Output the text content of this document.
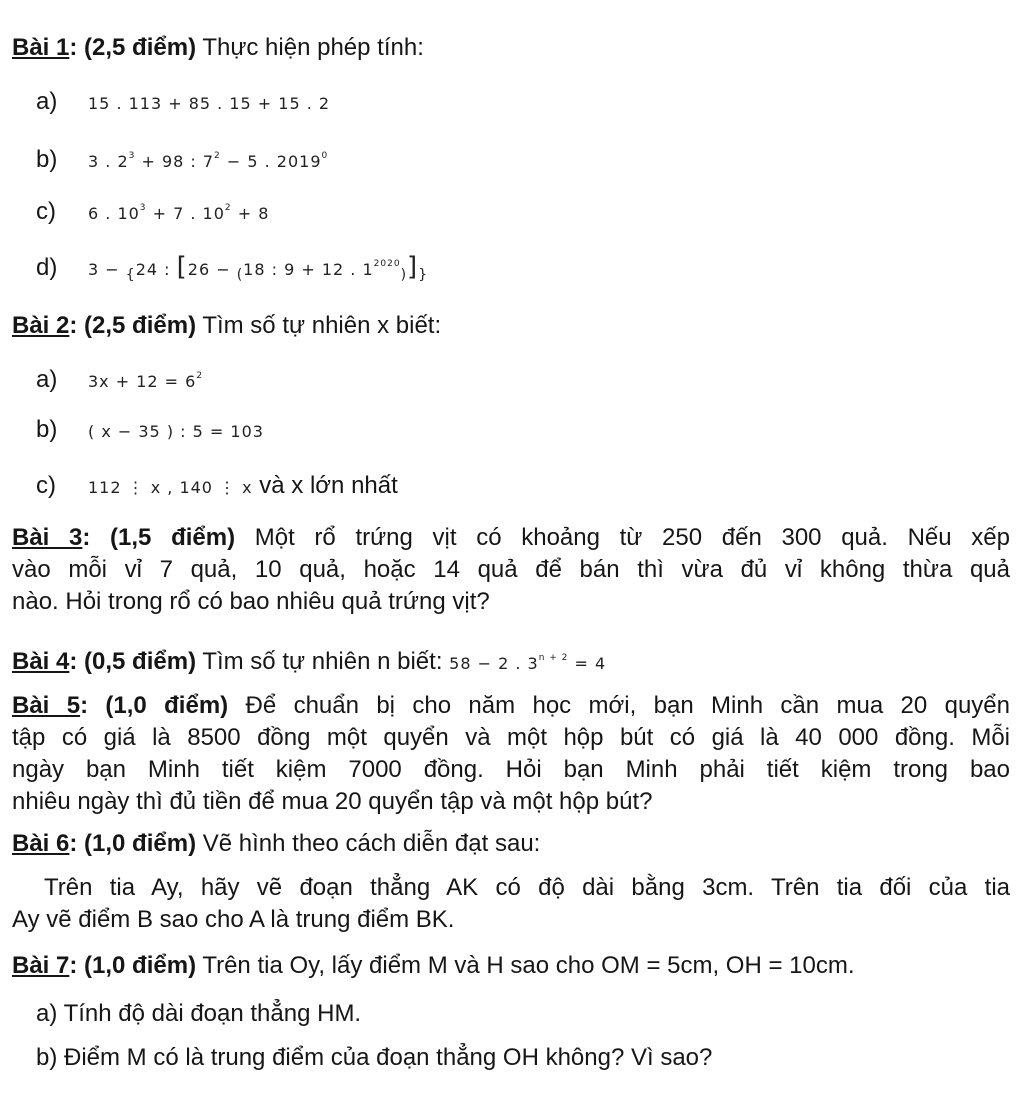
Bài 1: (2,5 điểm) Thực hiện phép tính:
a) 15 . 113 + 85 . 15 + 15 . 2
b) 3 . $2^3 + 98$ : $7^2 - 5$ . 2019$^0$
c) 6 . $10^3 + 7$ . $10^2 + 8$
d) 3 − {24 : [26 − (18 : 9 + 12 . $1^{2020}$)]}
Bài 2: (2,5 điểm) Tìm số tự nhiên x biết:
a) $3x + 12 = 6^2$
b) ( x − 35 ) : 5 = 103
c) 112 ⋮ x , 140 ⋮ x và x lớn nhất
Bài 3: (1,5 điểm) Một rổ trứng vịt có khoảng từ 250 đến 300 quả. Nếu xếp
vào mỗi vỉ 7 quả, 10 quả, hoặc 14 quả để bán thì vừa đủ vỉ không thừa quả
nào. Hỏi trong rổ có bao nhiêu quả trứng vịt?
Bài 4: (0,5 điểm) Tìm số tự nhiên n biết: 58 − 2 . $3^{n + 2} = 4$
Bài 5: (1,0 điểm) Để chuẩn bị cho năm học mới, bạn Minh cần mua 20 quyển
tập có giá là 8500 đồng một quyển và một hộp bút có giá là 40 000 đồng. Mỗi
ngày bạn Minh tiết kiệm 7000 đồng. Hỏi bạn Minh phải tiết kiệm trong bao
nhiêu ngày thì đủ tiền để mua 20 quyển tập và một hộp bút?
Bài 6: (1,0 điểm) Vẽ hình theo cách diễn đạt sau:
Trên tia Ay, hãy vẽ đoạn thẳng AK có độ dài bằng 3cm. Trên tia đối của tia
Ay vẽ điểm B sao cho A là trung điểm BK.
Bài 7: (1,0 điểm) Trên tia Oy, lấy điểm M và H sao cho OM = 5cm, OH = 10cm.
a) Tính độ dài đoạn thẳng HM.
b) Điểm M có là trung điểm của đoạn thẳng OH không? Vì sao?
